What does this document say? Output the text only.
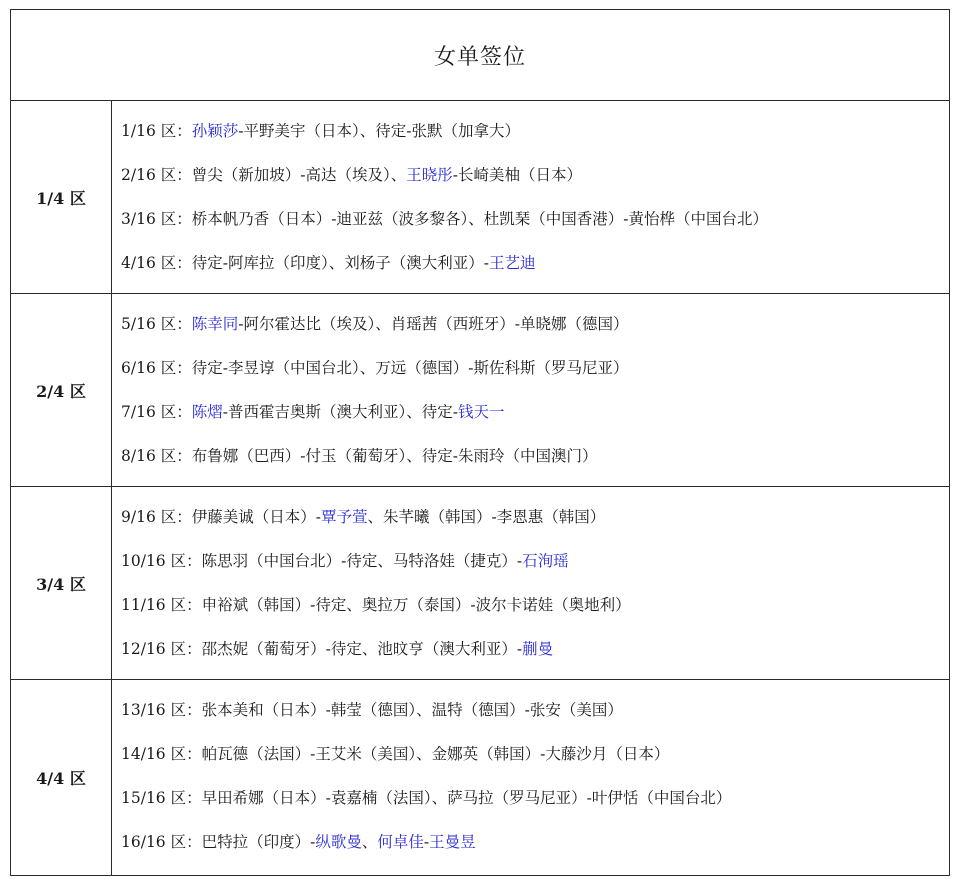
女单签位
1/4 区
1/16 区：孙颖莎-平野美宇（日本）、待定-张默（加拿大）
2/16 区：曾尖（新加坡）-高达（埃及）、王晓彤-长崎美柚（日本）
3/16 区：桥本帆乃香（日本）-迪亚兹（波多黎各）、杜凯琹（中国香港）-黄怡桦（中国台北）
4/16 区：待定-阿库拉（印度）、刘杨子（澳大利亚）-王艺迪
2/4 区
5/16 区：陈幸同-阿尔霍达比（埃及）、肖瑶茜（西班牙）-单晓娜（德国）
6/16 区：待定-李昱谆（中国台北）、万远（德国）-斯佐科斯（罗马尼亚）
7/16 区：陈熠-普西霍吉奥斯（澳大利亚）、待定-钱天一
8/16 区：布鲁娜（巴西）-付玉（葡萄牙）、待定-朱雨玲（中国澳门）
3/4 区
9/16 区：伊藤美诚（日本）-覃予萱、朱芊曦（韩国）-李恩惠（韩国）
10/16 区：陈思羽（中国台北）-待定、马特洛娃（捷克）-石洵瑶
11/16 区：申裕斌（韩国）-待定、奥拉万（泰国）-波尔卡诺娃（奥地利）
12/16 区：邵杰妮（葡萄牙）-待定、池旼亨（澳大利亚）-蒯曼
4/4 区
13/16 区：张本美和（日本）-韩莹（德国）、温特（德国）-张安（美国）
14/16 区：帕瓦德（法国）-王艾米（美国）、金娜英（韩国）-大藤沙月（日本）
15/16 区：早田希娜（日本）-袁嘉楠（法国）、萨马拉（罗马尼亚）-叶伊恬（中国台北）
16/16 区：巴特拉（印度）-纵歌曼、何卓佳-王曼昱
